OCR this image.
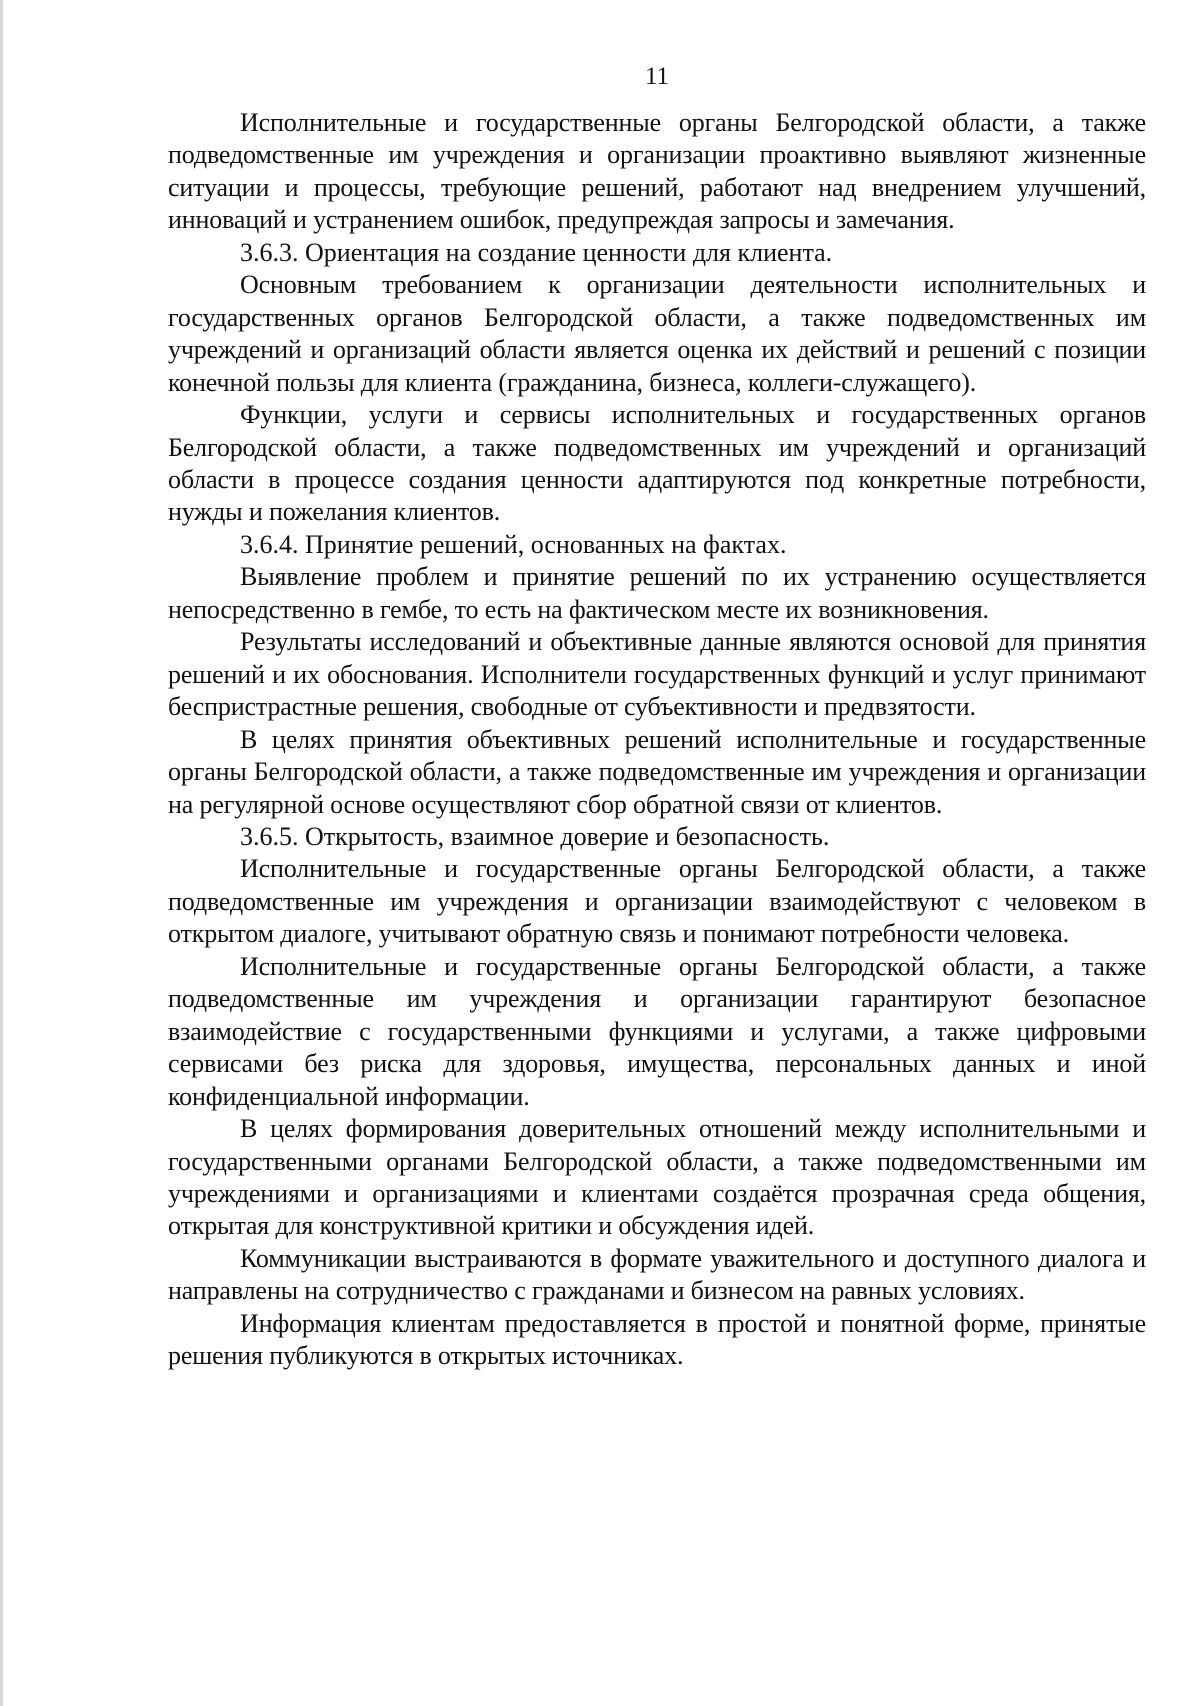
11

Исполнительные и государственные органы Белгородской области, а также подведомственные им учреждения и организации проактивно выявляют жизненные ситуации и процессы, требующие решений, работают над внедрением улучшений, инноваций и устранением ошибок, предупреждая запросы и замечания.

3.6.3. Ориентация на создание ценности для клиента.

Основным требованием к организации деятельности исполнительных и государственных органов Белгородской области, а также подведомственных им учреждений и организаций области является оценка их действий и решений с позиции конечной пользы для клиента (гражданина, бизнеса, коллеги-служащего).

Функции, услуги и сервисы исполнительных и государственных органов Белгородской области, а также подведомственных им учреждений и организаций области в процессе создания ценности адаптируются под конкретные потребности, нужды и пожелания клиентов.

3.6.4. Принятие решений, основанных на фактах.

Выявление проблем и принятие решений по их устранению осуществляется непосредственно в гембе, то есть на фактическом месте их возникновения.

Результаты исследований и объективные данные являются основой для принятия решений и их обоснования. Исполнители государственных функций и услуг принимают беспристрастные решения, свободные от субъективности и предвзятости.

В целях принятия объективных решений исполнительные и государственные органы Белгородской области, а также подведомственные им учреждения и организации на регулярной основе осуществляют сбор обратной связи от клиентов.

3.6.5. Открытость, взаимное доверие и безопасность.

Исполнительные и государственные органы Белгородской области, а также подведомственные им учреждения и организации взаимодействуют с человеком в открытом диалоге, учитывают обратную связь и понимают потребности человека.

Исполнительные и государственные органы Белгородской области, а также подведомственные им учреждения и организации гарантируют безопасное взаимодействие с государственными функциями и услугами, а также цифровыми сервисами без риска для здоровья, имущества, персональных данных и иной конфиденциальной информации.

В целях формирования доверительных отношений между исполнительными и государственными органами Белгородской области, а также подведомственными им учреждениями и организациями и клиентами создаётся прозрачная среда общения, открытая для конструктивной критики и обсуждения идей.

Коммуникации выстраиваются в формате уважительного и доступного диалога и направлены на сотрудничество с гражданами и бизнесом на равных условиях.

Информация клиентам предоставляется в простой и понятной форме, принятые решения публикуются в открытых источниках.
